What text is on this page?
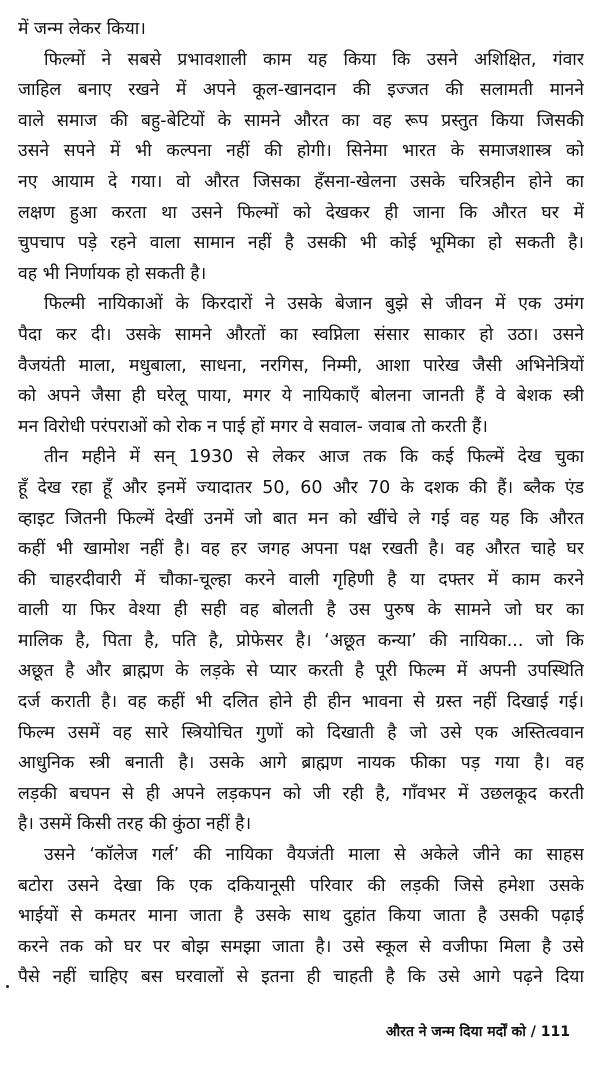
में जन्म लेकर किया।
फिल्मों ने सबसे प्रभावशाली काम यह किया कि उसने अशिक्षित, गंवार
जाहिल बनाए रखने में अपने कूल-खानदान की इज्जत की सलामती मानने
वाले समाज की बहु-बेटियों के सामने औरत का वह रूप प्रस्तुत किया जिसकी
उसने सपने में भी कल्पना नहीं की होगी। सिनेमा भारत के समाजशास्त्र को
नए आयाम दे गया। वो औरत जिसका हँसना-खेलना उसके चरित्रहीन होने का
लक्षण हुआ करता था उसने फिल्मों को देखकर ही जाना कि औरत घर में
चुपचाप पड़े रहने वाला सामान नहीं है उसकी भी कोई भूमिका हो सकती है।
वह भी निर्णायक हो सकती है।
फिल्मी नायिकाओं के किरदारों ने उसके बेजान बुझे से जीवन में एक उमंग
पैदा कर दी। उसके सामने औरतों का स्वप्निला संसार साकार हो उठा। उसने
वैजयंती माला, मधुबाला, साधना, नरगिस, निम्मी, आशा पारेख जैसी अभिनेत्रियों
को अपने जैसा ही घरेलू पाया, मगर ये नायिकाएँ बोलना जानती हैं वे बेशक स्त्री
मन विरोधी परंपराओं को रोक न पाई हों मगर वे सवाल- जवाब तो करती हैं।
तीन महीने में सन् 1930 से लेकर आज तक कि कई फिल्में देख चुका
हूँ देख रहा हूँ और इनमें ज्यादातर 50, 60 और 70 के दशक की हैं। ब्लैक एंड
व्हाइट जितनी फिल्में देखीं उनमें जो बात मन को खींचे ले गई वह यह कि औरत
कहीं भी खामोश नहीं है। वह हर जगह अपना पक्ष रखती है। वह औरत चाहे घर
की चाहरदीवारी में चौका-चूल्हा करने वाली गृहिणी है या दफ्तर में काम करने
वाली या फिर वेश्या ही सही वह बोलती है उस पुरुष के सामने जो घर का
मालिक है, पिता है, पति है, प्रोफेसर है। ‘अछूत कन्या’ की नायिका... जो कि
अछूत है और ब्राह्मण के लड़के से प्यार करती है पूरी फिल्म में अपनी उपस्थिति
दर्ज कराती है। वह कहीं भी दलित होने ही हीन भावना से ग्रस्त नहीं दिखाई गई।
फिल्म उसमें वह सारे स्त्रियोचित गुणों को दिखाती है जो उसे एक अस्तित्ववान
आधुनिक स्त्री बनाती है। उसके आगे ब्राह्मण नायक फीका पड़ गया है। वह
लड़की बचपन से ही अपने लड़कपन को जी रही है, गाँवभर में उछलकूद करती
है। उसमें किसी तरह की कुंठा नहीं है।
उसने ‘कॉलेज गर्ल’ की नायिका वैयजंती माला से अकेले जीने का साहस
बटोरा उसने देखा कि एक दकियानूसी परिवार की लड़की जिसे हमेशा उसके
भाईयों से कमतर माना जाता है उसके साथ दुहांत किया जाता है उसकी पढ़ाई
करने तक को घर पर बोझ समझा जाता है। उसे स्कूल से वजीफा मिला है उसे
पैसे नहीं चाहिए बस घरवालों से इतना ही चाहती है कि उसे आगे पढ़ने दिया
औरत ने जन्म दिया मर्दों को / 111
